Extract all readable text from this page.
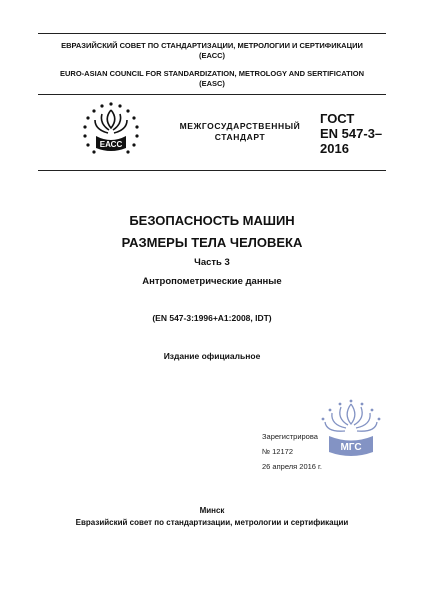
ЕВРАЗИЙСКИЙ СОВЕТ ПО СТАНДАРТИЗАЦИИ, МЕТРОЛОГИИ И СЕРТИФИКАЦИИ
(ЕАСС)
EURO-ASIAN COUNCIL FOR STANDARDIZATION, METROLOGY AND SERTIFICATION
(EASC)
ЕАСС
МЕЖГОСУДАРСТВЕННЫЙ
СТАНДАРТ
ГОСТ
EN 547-3–
2016
БЕЗОПАСНОСТЬ МАШИН
РАЗМЕРЫ ТЕЛА ЧЕЛОВЕКА
Часть 3
Антропометрические данные
(EN 547-3:1996+A1:2008, IDT)
Издание официальное
МГС
Зарегистрирова
№ 12172
26 апреля 2016 г.
Минск
Евразийский совет по стандартизации, метрологии и сертификации
